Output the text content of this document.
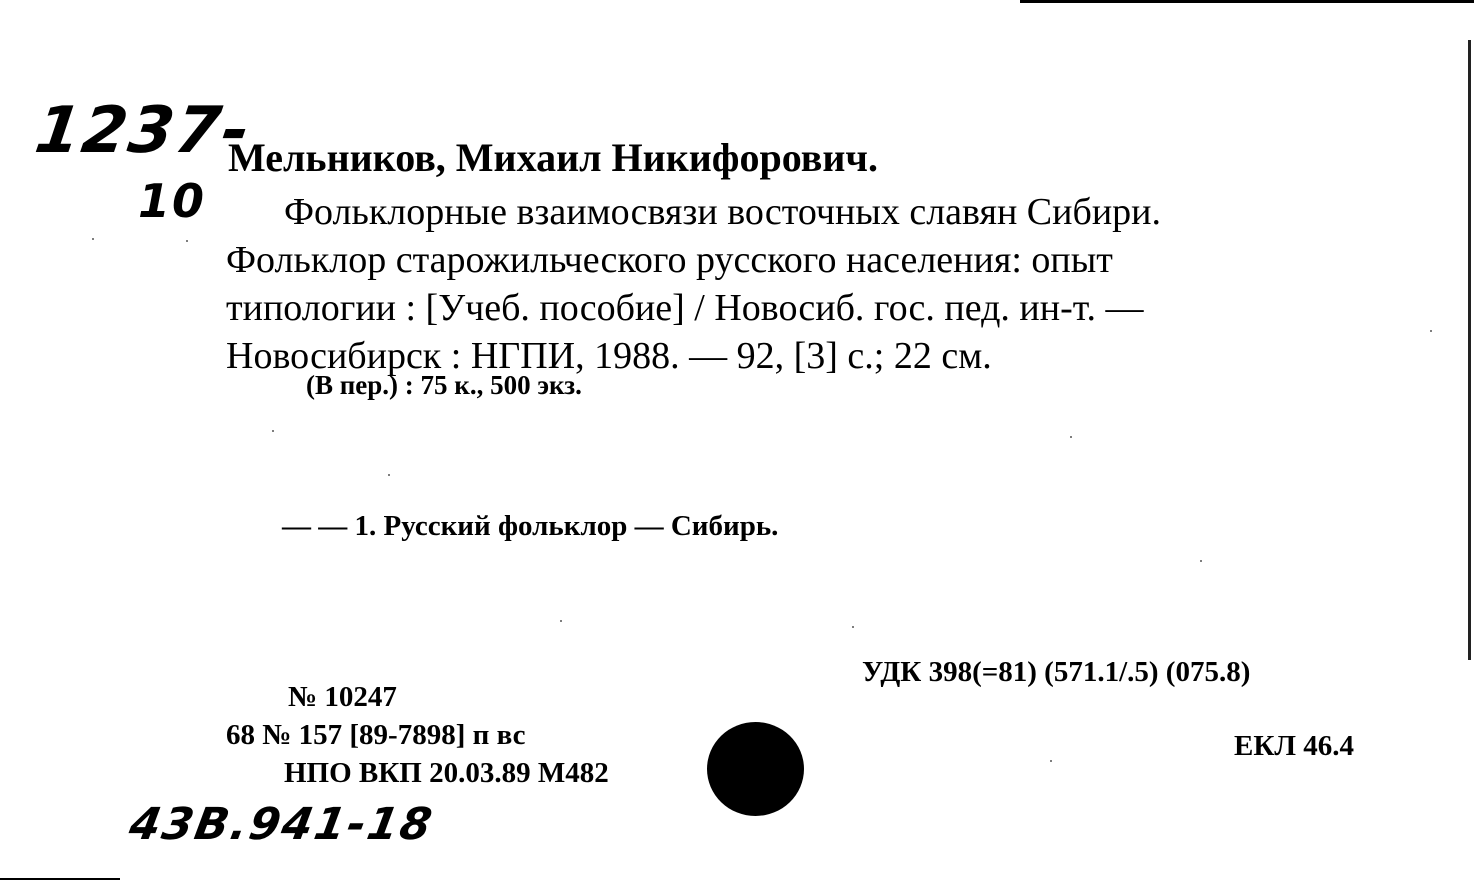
1237-
10
Мельников, Михаил Никифорович.
Фольклорные взаимосвязи восточных славян Сибири.
Фольклор старожильческого русского населения: опыт
типологии : [Учеб. пособие] / Новосиб. гос. пед. ин-т. —
Новосибирск : НГПИ, 1988. — 92, [3] с.; 22 см.
(В пер.) : 75 к., 500 экз.
— — 1. Русский фольклор — Сибирь.
№ 10247
68 № 157 [89-7898] п вс
НПО ВКП 20.03.89 М482
УДК 398(=81) (571.1/.5) (075.8)
ЕКЛ 46.4
43В.941-18
